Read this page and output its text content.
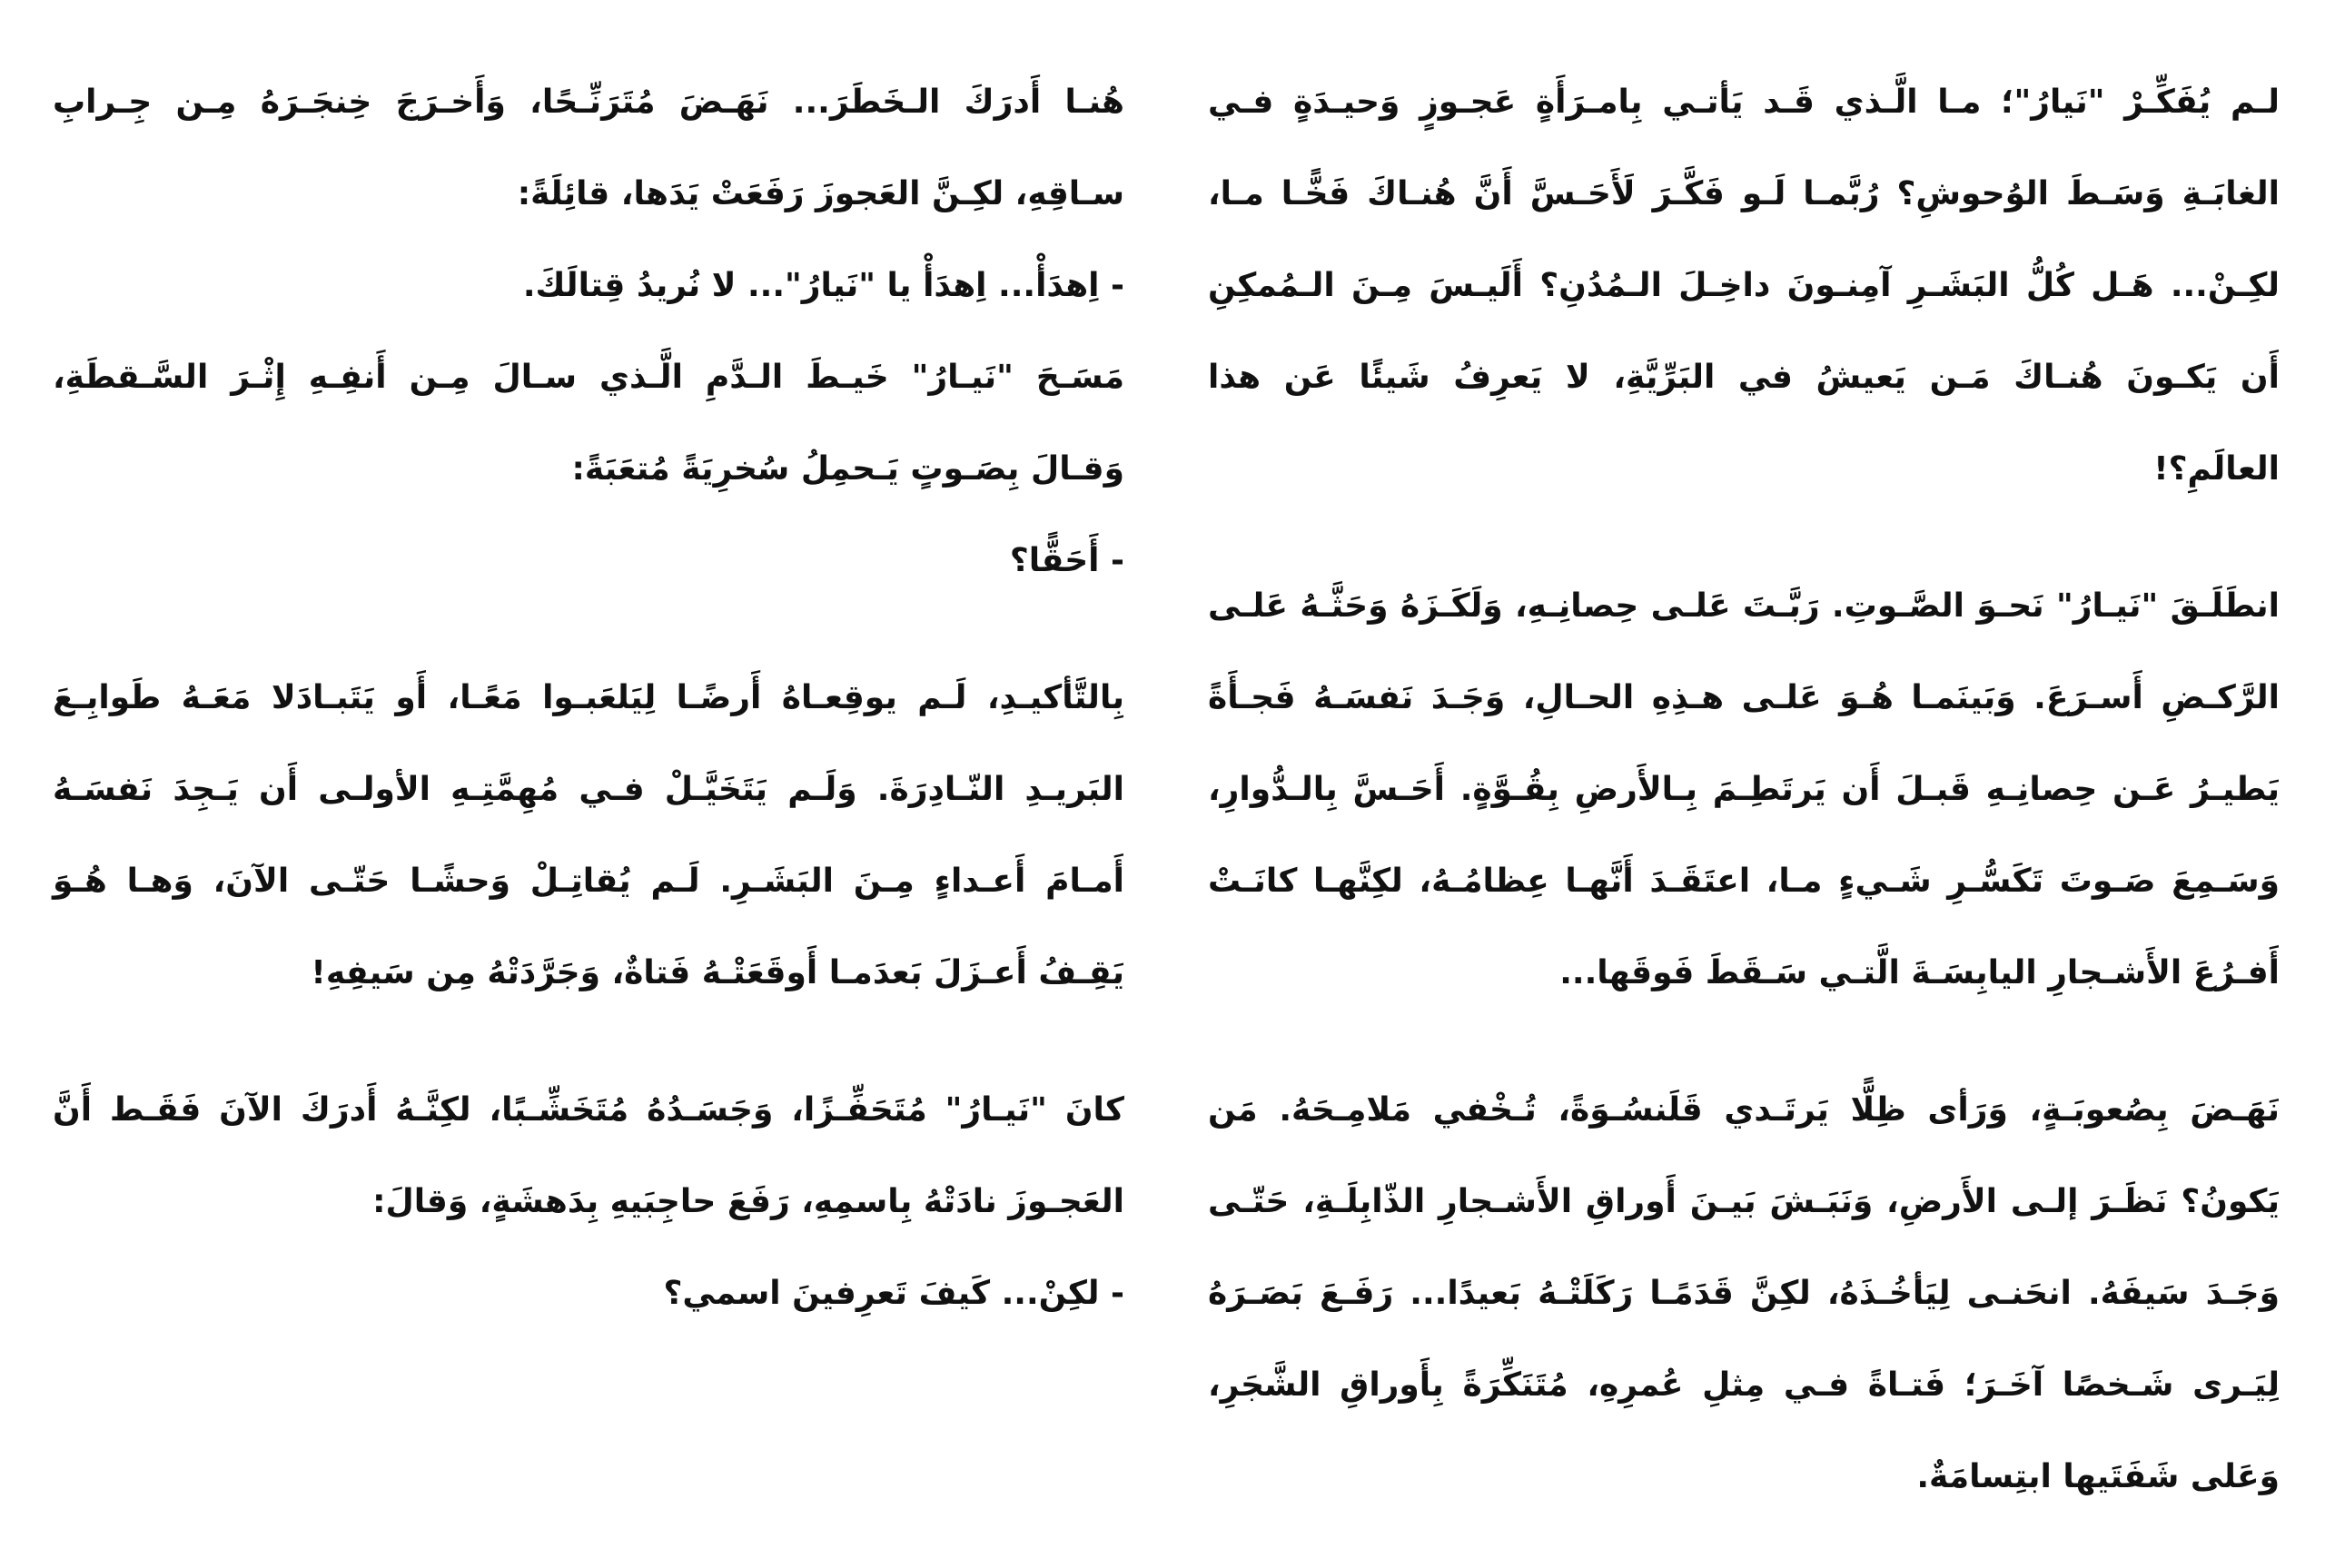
لـم يُفَكِّـرْ "نَيارُ"؛ مـا الَّـذي قَـد يَأتـي بِامـرَأَةٍ عَجـوزٍ وَحيـدَةٍ فـي الغابَـةِ وَسَـطَ الوُحوشِ؟ رُبَّمـا لَـو فَكَّـرَ لَأَحَـسَّ أَنَّ هُنـاكَ فَخًّـا مـا، لكِـنْ... هَـل كُلُّ البَشَـرِ آمِنـونَ داخِـلَ الـمُدُنِ؟ أَلَيـسَ مِـنَ الـمُمكِنِ أَن يَكـونَ هُنـاكَ مَـن يَعيشُ في البَرِّيَّةِ، لا يَعرِفُ شَيئًا عَن هذا العالَمِ؟!

انطَلَـقَ "نَيـارُ" نَحـوَ الصَّـوتِ. رَبَّـتَ عَلـى حِصانِـهِ، وَلَكَـزَهُ وَحَثَّـهُ عَلـى الرَّكـضِ أَسـرَعَ. وَبَينَمـا هُـوَ عَلـى هـذِهِ الحـالِ، وَجَـدَ نَفسَـهُ فَجـأَةً يَطيـرُ عَـن حِصانِـهِ قَبـلَ أَن يَرتَطِـمَ بِـالأَرضِ بِقُـوَّةٍ. أَحَـسَّ بِالـدُّوارِ، وَسَـمِعَ صَـوتَ تَكَسُّـرِ شَـيءٍ مـا، اعتَقَـدَ أَنَّهـا عِظامُـهُ، لكِنَّهـا كانَـتْ أَفـرُعَ الأَشـجارِ اليابِسَـةَ الَّتـي سَـقَطَ فَوقَها...

نَهَـضَ بِصُعوبَـةٍ، وَرَأى ظِلًّا يَرتَـدي قَلَنسُـوَةً، تُـخْفي مَلامِـحَهُ. مَن يَكونُ؟ نَظَـرَ إلـى الأَرضِ، وَنَبَـشَ بَيـنَ أَوراقِ الأَشـجارِ الذّابِلَـةِ، حَتّـى وَجَـدَ سَيفَهُ. انحَنـى لِيَأخُـذَهُ، لكِنَّ قَدَمًـا رَكَلَتْـهُ بَعيدًا... رَفَـعَ بَصَـرَهُ لِيَـرى شَـخصًا آخَـرَ؛ فَتـاةً فـي مِثلِ عُمرِهِ، مُتَنَكِّرَةً بِأَوراقِ الشَّجَرِ، وَعَلى شَفَتَيها ابتِسامَةٌ.

هُنـا أَدرَكَ الـخَطَرَ... نَهَـضَ مُتَرَنِّـحًا، وَأَخـرَجَ خِنجَـرَهُ مِـن جِـرابِ سـاقِهِ، لكِـنَّ العَجوزَ رَفَعَتْ يَدَها، قائِلَةً:

- اِهدَأْ... اِهدَأْ يا "نَيارُ"... لا نُريدُ قِتالَكَ.

مَسَـحَ "نَيـارُ" خَيـطَ الـدَّمِ الَّـذي سـالَ مِـن أَنفِـهِ إِثْـرَ السَّـقطَةِ، وَقـالَ بِصَـوتٍ يَـحمِلُ سُخرِيَةً مُتعَبَةً:

- أَحَقًّا؟

بِالتَّأكيـدِ، لَـم يوقِعـاهُ أَرضًـا لِيَلعَبـوا مَعًـا، أَو يَتَبـادَلا مَعَـهُ طَوابِـعَ البَريـدِ النّـادِرَةَ. وَلَـم يَتَخَيَّـلْ فـي مُهِمَّتِـهِ الأولـى أَن يَـجِدَ نَفسَـهُ أَمـامَ أَعـداءٍ مِـنَ البَشَـرِ. لَـم يُقاتِـلْ وَحشًـا حَتّـى الآنَ، وَهـا هُـوَ يَقِـفُ أَعـزَلَ بَعدَمـا أَوقَعَتْـهُ فَتاةٌ، وَجَرَّدَتْهُ مِن سَيفِهِ!

كانَ "نَيـارُ" مُتَحَفِّـزًا، وَجَسَـدُهُ مُتَخَشِّـبًا، لكِنَّـهُ أَدرَكَ الآنَ فَقَـط أَنَّ العَجـوزَ نادَتْهُ بِاسمِهِ، رَفَعَ حاجِبَيهِ بِدَهشَةٍ، وَقالَ:

- لكِنْ... كَيفَ تَعرِفينَ اسمي؟
